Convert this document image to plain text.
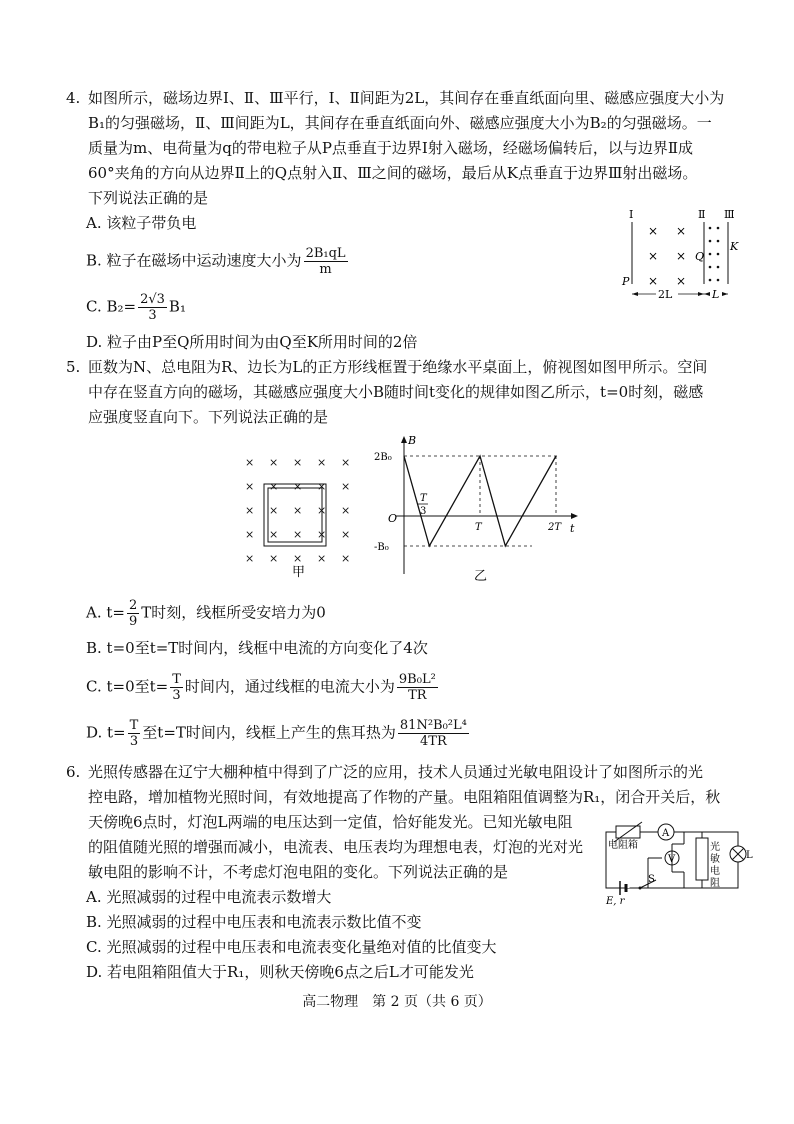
4. 如图所示，磁场边界Ⅰ、Ⅱ、Ⅲ平行，Ⅰ、Ⅱ间距为2L，其间存在垂直纸面向里、磁感应强度大小为
B₁的匀强磁场，Ⅱ、Ⅲ间距为L，其间存在垂直纸面向外、磁感应强度大小为B₂的匀强磁场。一
质量为m、电荷量为q的带电粒子从P点垂直于边界Ⅰ射入磁场，经磁场偏转后，以与边界Ⅱ成
60°夹角的方向从边界Ⅱ上的Q点射入Ⅱ、Ⅲ之间的磁场，最后从K点垂直于边界Ⅲ射出磁场。
下列说法正确的是
A. 该粒子带负电
B. 粒子在磁场中运动速度大小为 $\frac{\text{2B₁qL}}{m}$
C. $B_2= \frac{2√3}{3} B_1$
D. 粒子由P至Q所用时间为由Q至K所用时间的2倍
Ⅰ	Ⅱ Ⅲ
× ×
× ×
× ×
K
Q
P
2L	L
5. 匝数为N、总电阻为R、边长为L的正方形线框置于绝缘水平桌面上，俯视图如图甲所示。空间
中存在竖直方向的磁场，其磁感应强度大小B随时间t变化的规律如图乙所示，t=0时刻，磁感
应强度竖直向下。下列说法正确的是
× × × × ×
× × × × ×
× × × × ×
× × × × ×
× × × × ×
甲
B
t
O
2B₀
-B₀
T	2T
T
3
乙
A. $t= \frac{2}{9}$ T时刻，线框所受安培力为0
B. t=0至t=T时间内，线框中电流的方向变化了4次
C. t=0至$t= \frac{T}{3}$ 时间内，通过线框的电流大小为 $\frac{\text{9B₀L²}}{TR}$
D. $t= \frac{T}{3}$ 至t=T时间内，线框上产生的焦耳热为 $\frac{\text{81N²B₀²L⁴}}{4TR}$
6. 光照传感器在辽宁大棚种植中得到了广泛的应用，技术人员通过光敏电阻设计了如图所示的光
控电路，增加植物光照时间，有效地提高了作物的产量。电阻箱阻值调整为R₁，闭合开关后，秋
天傍晚6点时，灯泡L两端的电压达到一定值，恰好能发光。已知光敏电阻
的阻值随光照的增强而减小，电流表、电压表均为理想电表，灯泡的光对光
敏电阻的影响不计，不考虑灯泡电阻的变化。下列说法正确的是
A. 光照减弱的过程中电流表示数增大
B. 光照减弱的过程中电压表和电流表示数比值不变
C. 光照减弱的过程中电压表和电流表变化量绝对值的比值变大
D. 若电阻箱阻值大于R₁，则秋天傍晚6点之后L才可能发光
电阻箱
A
V	L
S
E, r
光
敏
电
阻
高二物理　第 2 页（共 6 页）
